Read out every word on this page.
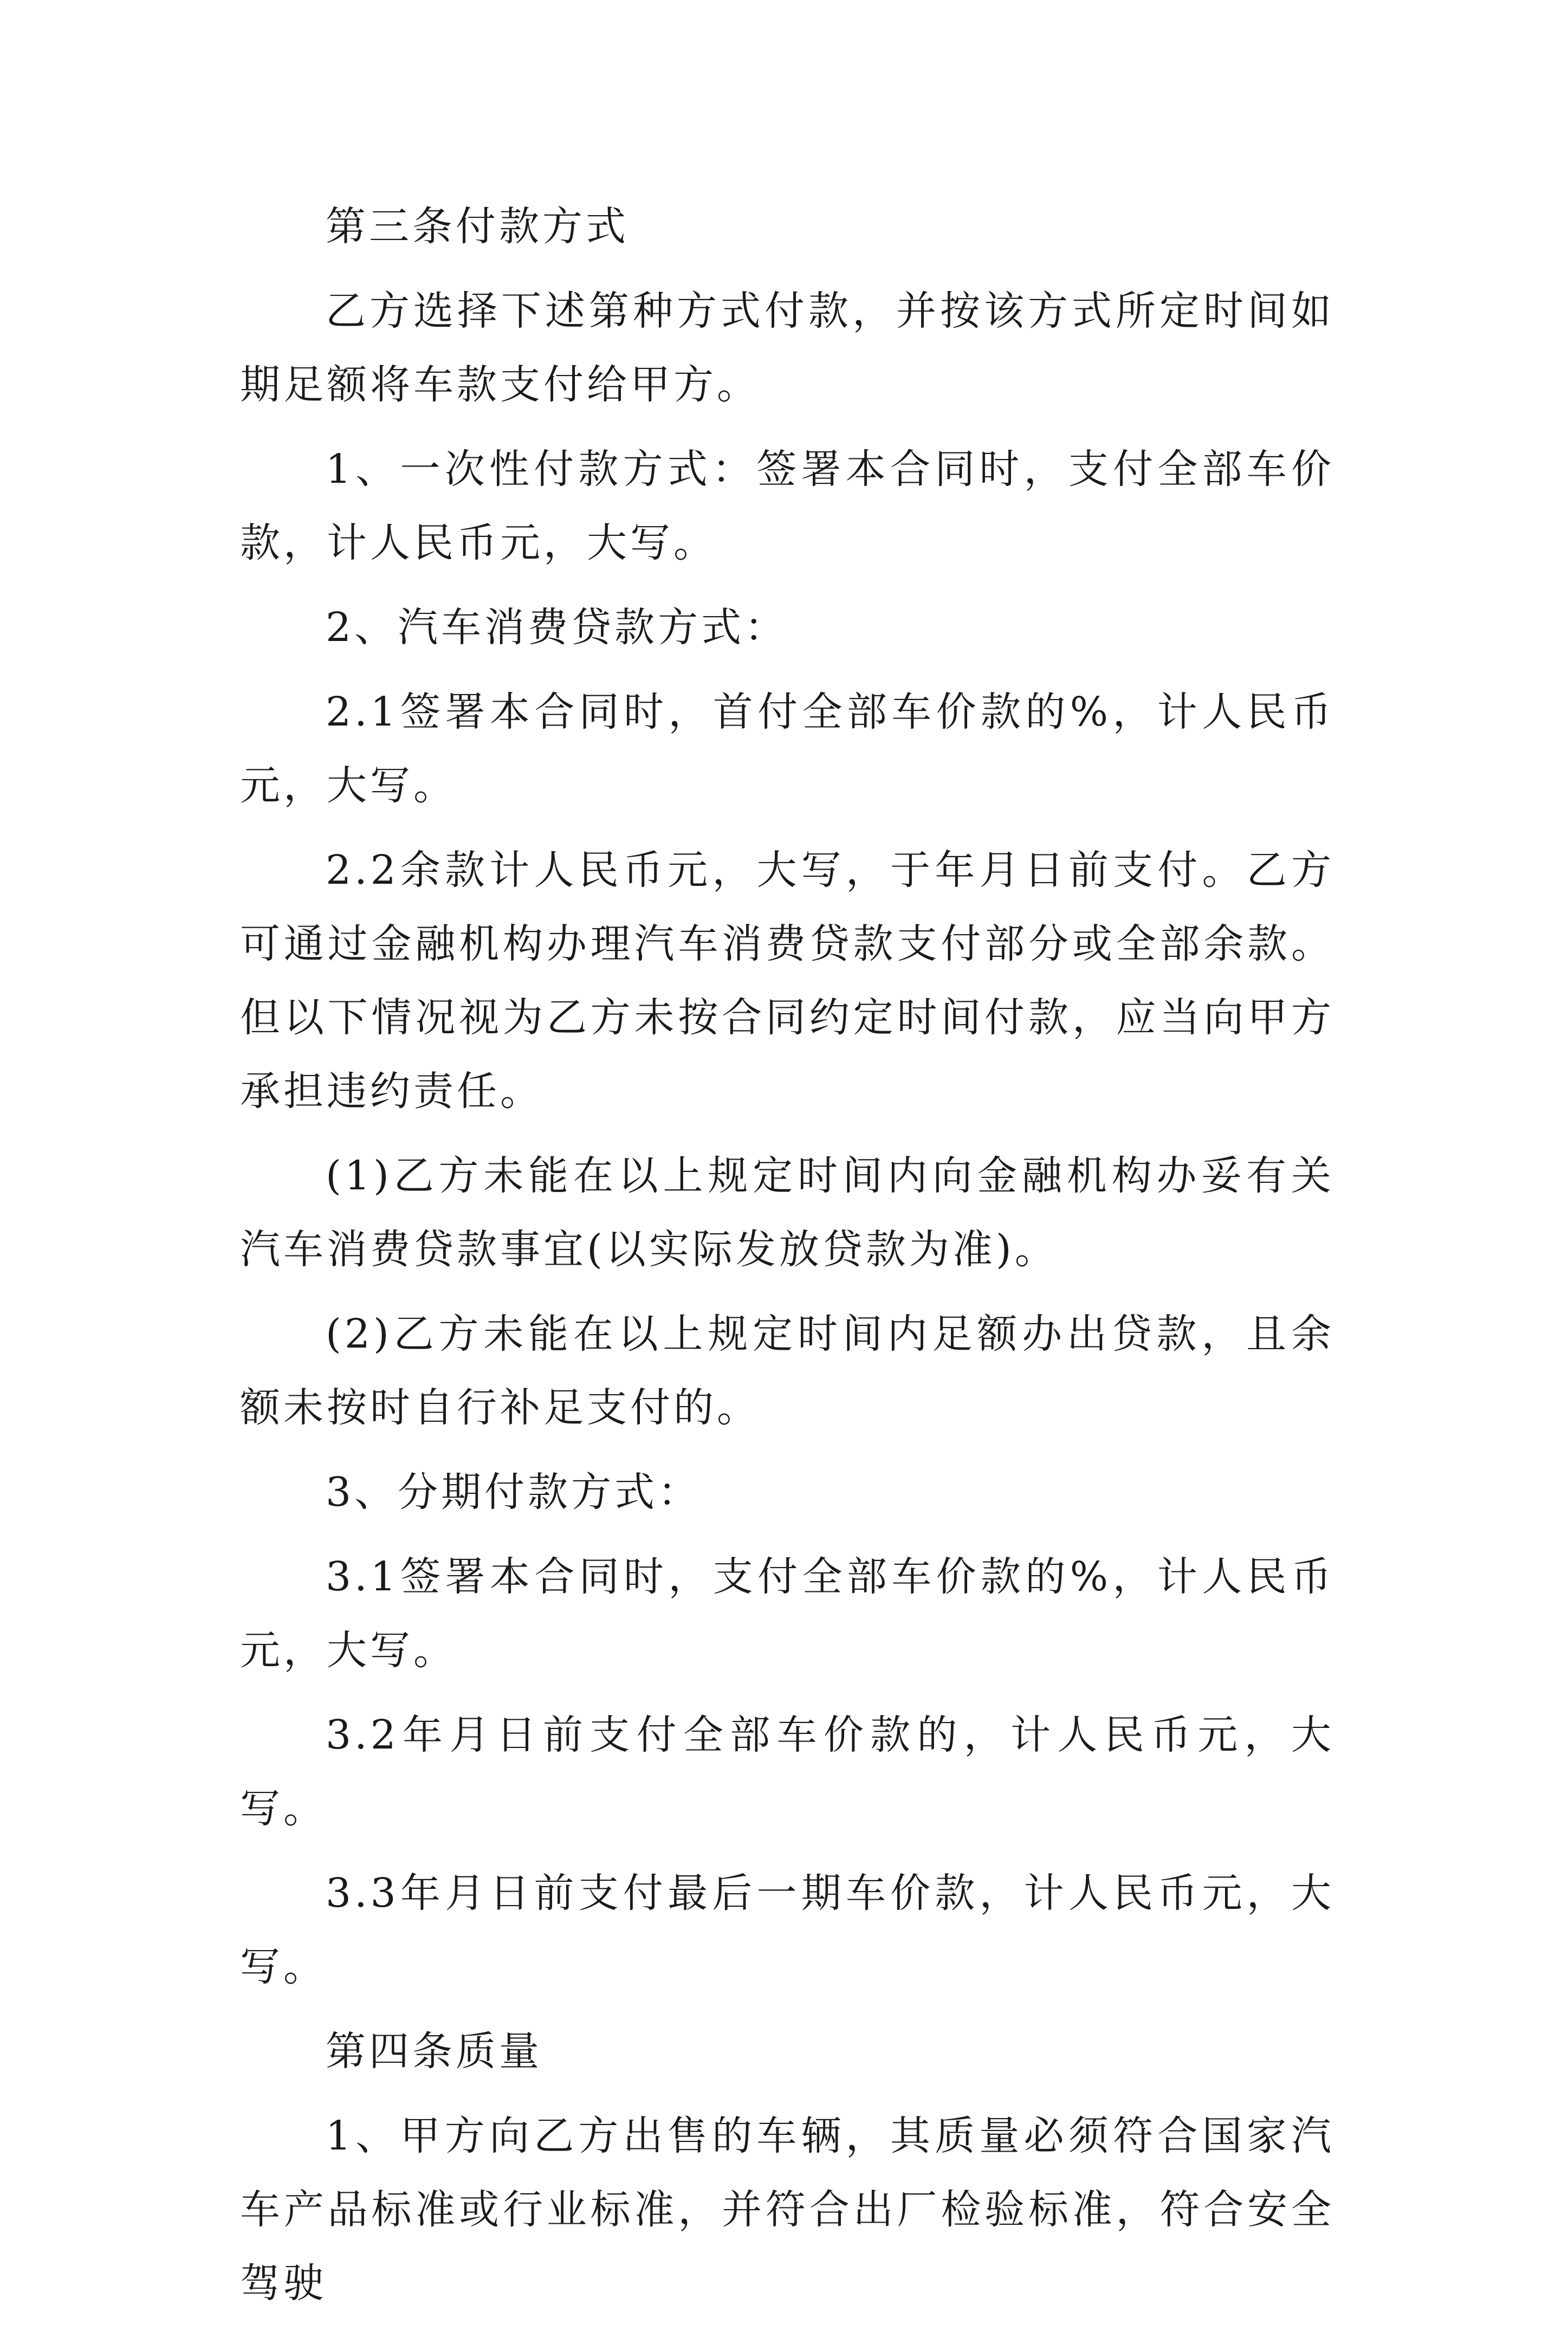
第三条付款方式

乙方选择下述第种方式付款，并按该方式所定时间如期足额将车款支付给甲方。

1、一次性付款方式：签署本合同时，支付全部车价款，计人民币元，大写。

2、汽车消费贷款方式：

2.1签署本合同时，首付全部车价款的%，计人民币元，大写。

2.2余款计人民币元，大写，于年月日前支付。乙方可通过金融机构办理汽车消费贷款支付部分或全部余款。但以下情况视为乙方未按合同约定时间付款，应当向甲方承担违约责任。

(1)乙方未能在以上规定时间内向金融机构办妥有关汽车消费贷款事宜(以实际发放贷款为准)。

(2)乙方未能在以上规定时间内足额办出贷款，且余额未按时自行补足支付的。

3、分期付款方式：

3.1签署本合同时，支付全部车价款的%，计人民币元，大写。

3.2年月日前支付全部车价款的，计人民币元，大写。

3.3年月日前支付最后一期车价款，计人民币元，大写。

第四条质量

1、甲方向乙方出售的车辆，其质量必须符合国家汽车产品标准或行业标准，并符合出厂检验标准，符合安全驾驶
